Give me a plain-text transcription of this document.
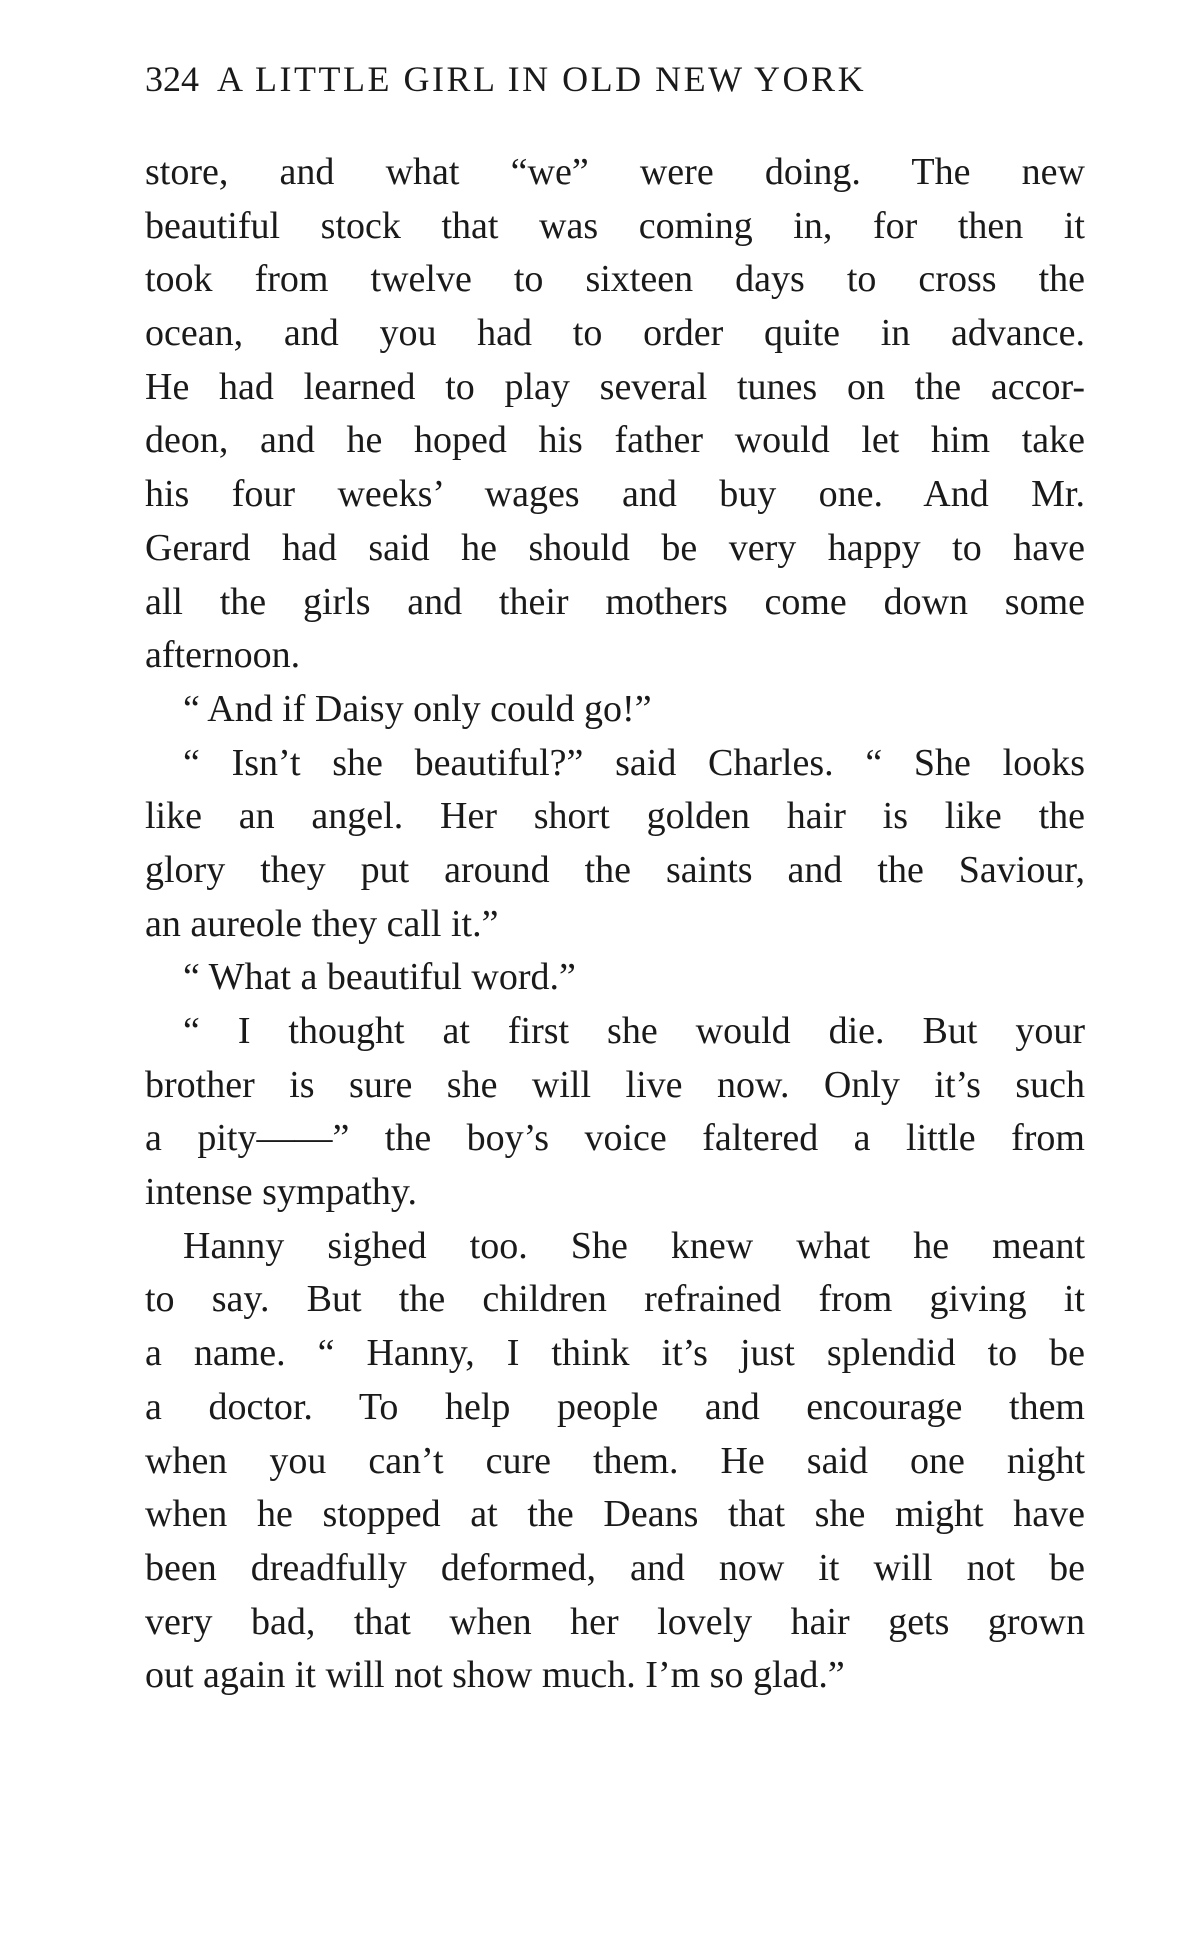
324 A LITTLE GIRL IN OLD NEW YORK
store, and what “we” were doing. The new
beautiful stock that was coming in, for then it
took from twelve to sixteen days to cross the
ocean, and you had to order quite in advance.
He had learned to play several tunes on the accor-
deon, and he hoped his father would let him take
his four weeks’ wages and buy one. And Mr.
Gerard had said he should be very happy to have
all the girls and their mothers come down some
afternoon.
“ And if Daisy only could go!”
“ Isn’t she beautiful?” said Charles. “ She looks
like an angel. Her short golden hair is like the
glory they put around the saints and the Saviour,
an aureole they call it.”
“ What a beautiful word.”
“ I thought at first she would die. But your
brother is sure she will live now. Only it’s such
a pity——” the boy’s voice faltered a little from
intense sympathy.
Hanny sighed too. She knew what he meant
to say. But the children refrained from giving it
a name. “ Hanny, I think it’s just splendid to be
a doctor. To help people and encourage them
when you can’t cure them. He said one night
when he stopped at the Deans that she might have
been dreadfully deformed, and now it will not be
very bad, that when her lovely hair gets grown
out again it will not show much. I’m so glad.”
